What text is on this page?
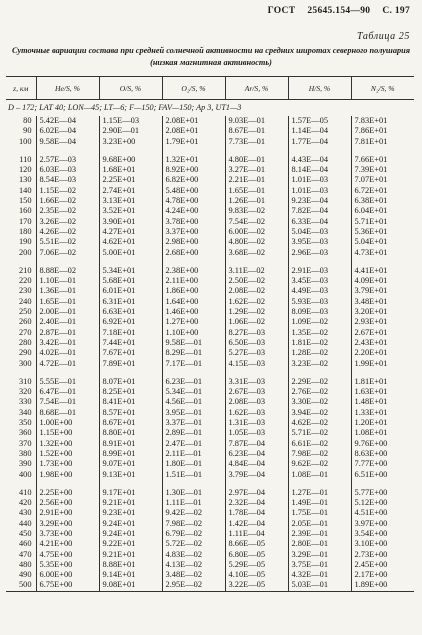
ГОСТ 25645.154—90 С. 197
Таблица 25
Суточные вариации состава при средней солнечной активности на средних широтах северного полушария (низкая магнитная активность)
z, км	He/S, %	O/S, %	O₂/S, %	Ar/S, %	H/S, %	N₂/S, %
D – 172; LAT 40; LON—45; LT—6; F—150; FAV—150; Ap 3, UT1—3						
80	5.42E—04	1.15E—03	2.08E+01	9.03E—01	1.57E—05	7.83E+01
90	6.02E—04	2.90E—01	2.08E+01	8.67E—01	1.14E—04	7.86E+01
100	9.58E—04	3.23E+00	1.79E+01	7.73E—01	1.77E—04	7.81E+01

110	2.57E—03	9.68E+00	1.32E+01	4.80E—01	4.43E—04	7.66E+01
120	6.03E—03	1.68E+01	8.92E+00	3.27E—01	8.14E—04	7.39E+01
130	8.54E—03	2.25E+01	6.82E+00	2.21E—01	1.01E—03	7.07E+01
140	1.15E—02	2.74E+01	5.48E+00	1.65E—01	1.01E—03	6.72E+01
150	1.66E—02	3.13E+01	4.78E+00	1.26E—01	9.23E—04	6.38E+01
160	2.35E—02	3.52E+01	4.24E+00	9.83E—02	7.82E—04	6.04E+01
170	3.26E—02	3.90E+01	3.78E+00	7.54E—02	6.33E—04	5.71E+01
180	4.26E—02	4.27E+01	3.37E+00	6.00E—02	5.04E—03	5.36E+01
190	5.51E—02	4.62E+01	2.98E+00	4.80E—02	3.95E—03	5.04E+01
200	7.06E—02	5.00E+01	2.68E+00	3.68E—02	2.96E—03	4.73E+01

210	8.88E—02	5.34E+01	2.38E+00	3.11E—02	2.91E—03	4.41E+01
220	1.10E—01	5.68E+01	2.11E+00	2.50E—02	3.45E—03	4.09E+01
230	1.36E—01	6.01E+01	1.86E+00	2.08E—02	4.49E—03	3.79E+01
240	1.65E—01	6.31E+01	1.64E+00	1.62E—02	5.93E—03	3.48E+01
250	2.00E—01	6.63E+01	1.46E+00	1.29E—02	8.09E—03	3.20E+01
260	2.40E—01	6.92E+01	1.27E+00	1.06E—02	1.09E—02	2.93E+01
270	2.87E—01	7.18E+01	1.10E+00	8.27E—03	1.35E—02	2.67E+01
280	3.42E—01	7.44E+01	9.58E—01	6.50E—03	1.81E—02	2.43E+01
290	4.02E—01	7.67E+01	8.29E—01	5.27E—03	1.28E—02	2.20E+01
300	4.72E—01	7.89E+01	7.17E—01	4.15E—03	3.23E—02	1.99E+01

310	5.55E—01	8.07E+01	6.23E—01	3.31E—03	2.29E—02	1.81E+01
320	6.47E—01	8.25E+01	5.34E—01	2.67E—03	2.76E—02	1.63E+01
330	7.54E—01	8.41E+01	4.56E—01	2.08E—03	3.30E—02	1.48E+01
340	8.68E—01	8.57E+01	3.95E—01	1.62E—03	3.94E—02	1.33E+01
350	1.00E+00	8.67E+01	3.37E—01	1.31E—03	4.62E—02	1.20E+01
360	1.15E+00	8.80E+01	2.89E—01	1.05E—03	5.71E—02	1.08E+01
370	1.32E+00	8.91E+01	2.47E—01	7.87E—04	6.61E—02	9.76E+00
380	1.52E+00	8.99E+01	2.11E—01	6.23E—04	7.98E—02	8.63E+00
390	1.73E+00	9.07E+01	1.80E—01	4.84E—04	9.62E—02	7.77E+00
400	1.98E+00	9.13E+01	1.51E—01	3.79E—04	1.08E—01	6.51E+00

410	2.25E+00	9.17E+01	1.30E—01	2.97E—04	1.27E—01	5.77E+00
420	2.56E+00	9.21E+01	1.11E—01	2.32E—04	1.49E—01	5.12E+00
430	2.91E+00	9.23E+01	9.42E—02	1.78E—04	1.75E—01	4.51E+00
440	3.29E+00	9.24E+01	7.98E—02	1.42E—04	2.05E—01	3.97E+00
450	3.73E+00	9.24E+01	6.79E—02	1.11E—04	2.39E—01	3.54E+00
460	4.21E+00	9.22E+01	5.72E—02	8.66E—05	2.80E—01	3.10E+00
470	4.75E+00	9.21E+01	4.83E—02	6.80E—05	3.29E—01	2.73E+00
480	5.35E+00	8.88E+01	4.13E—02	5.29E—05	3.75E—01	2.45E+00
490	6.00E+00	9.14E+01	3.48E—02	4.10E—05	4.32E—01	2.17E+00
500	6.75E+00	9.08E+01	2.95E—02	3.22E—05	5.03E—01	1.89E+00
